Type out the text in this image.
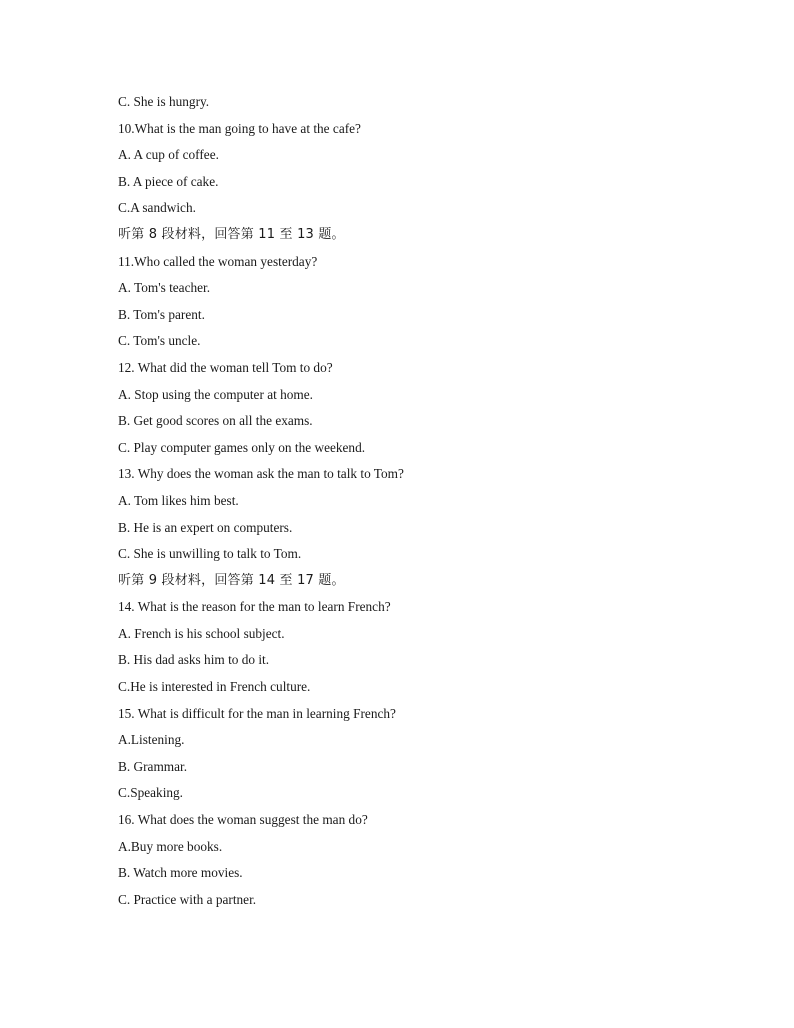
C. She is hungry.
10.What is the man going to have at the cafe?
A. A cup of coffee.
B. A piece of cake.
C.A sandwich.
听第 8 段材料，回答第 11 至 13 题。
11.Who called the woman yesterday?
A. Tom's teacher.
B. Tom's parent.
C. Tom's uncle.
12. What did the woman tell Tom to do?
A. Stop using the computer at home.
B. Get good scores on all the exams.
C. Play computer games only on the weekend.
13. Why does the woman ask the man to talk to Tom?
A. Tom likes him best.
B. He is an expert on computers.
C. She is unwilling to talk to Tom.
听第 9 段材料，回答第 14 至 17 题。
14. What is the reason for the man to learn French?
A. French is his school subject.
B. His dad asks him to do it.
C.He is interested in French culture.
15. What is difficult for the man in learning French?
A.Listening.
B. Grammar.
C.Speaking.
16. What does the woman suggest the man do?
A.Buy more books.
B. Watch more movies.
C. Practice with a partner.
